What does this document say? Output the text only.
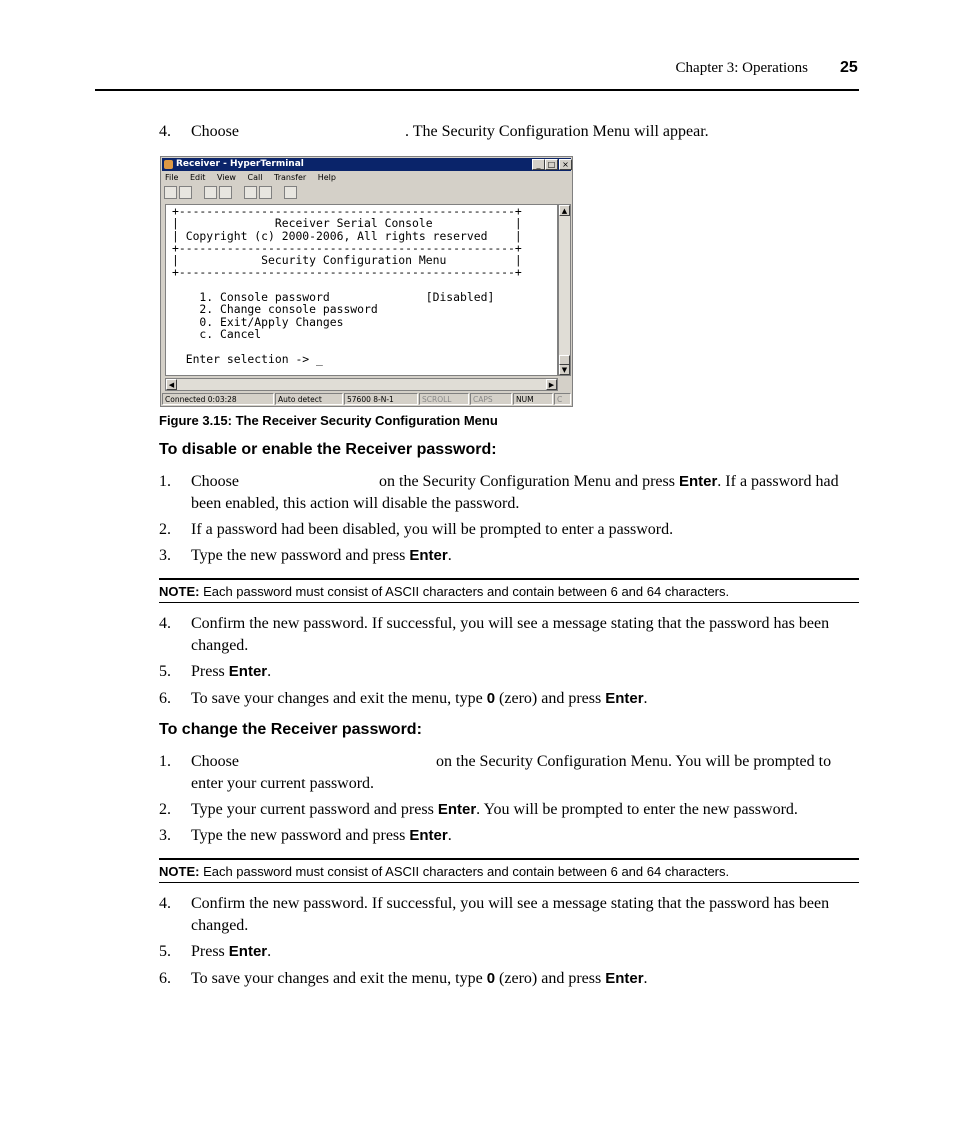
Chapter 3: Operations 25
4. Choose	. The Security Configuration Menu will appear.
Receiver - HyperTerminal	_ □ ×
File Edit View Call Transfer Help
+-------------------------------------------------+
|              Receiver Serial Console            |
| Copyright (c) 2000-2006, All rights reserved    |
+-------------------------------------------------+
|            Security Configuration Menu          |
+-------------------------------------------------+

1. Console password              [Disabled]
2. Change console password
0. Exit/Apply Changes
c. Cancel

Enter selection -> _
▲
▼
◀	▶
Connected 0:03:28	Auto detect	57600 8-N-1	SCROLL	CAPS	NUM	C
Figure 3.15: The Receiver Security Configuration Menu
To disable or enable the Receiver password:
1. Choose	on the Security Configuration Menu and press Enter. If a password had been enabled, this action will disable the password.
2. If a password had been disabled, you will be prompted to enter a password.
3. Type the new password and press Enter.
NOTE: Each password must consist of ASCII characters and contain between 6 and 64 characters.
4. Confirm the new password. If successful, you will see a message stating that the password has been changed.
5. Press Enter.
6. To save your changes and exit the menu, type 0 (zero) and press Enter.
To change the Receiver password:
1. Choose	on the Security Configuration Menu. You will be prompted to enter your current password.
2. Type your current password and press Enter. You will be prompted to enter the new password.
3. Type the new password and press Enter.
NOTE: Each password must consist of ASCII characters and contain between 6 and 64 characters.
4. Confirm the new password. If successful, you will see a message stating that the password has been changed.
5. Press Enter.
6. To save your changes and exit the menu, type 0 (zero) and press Enter.
